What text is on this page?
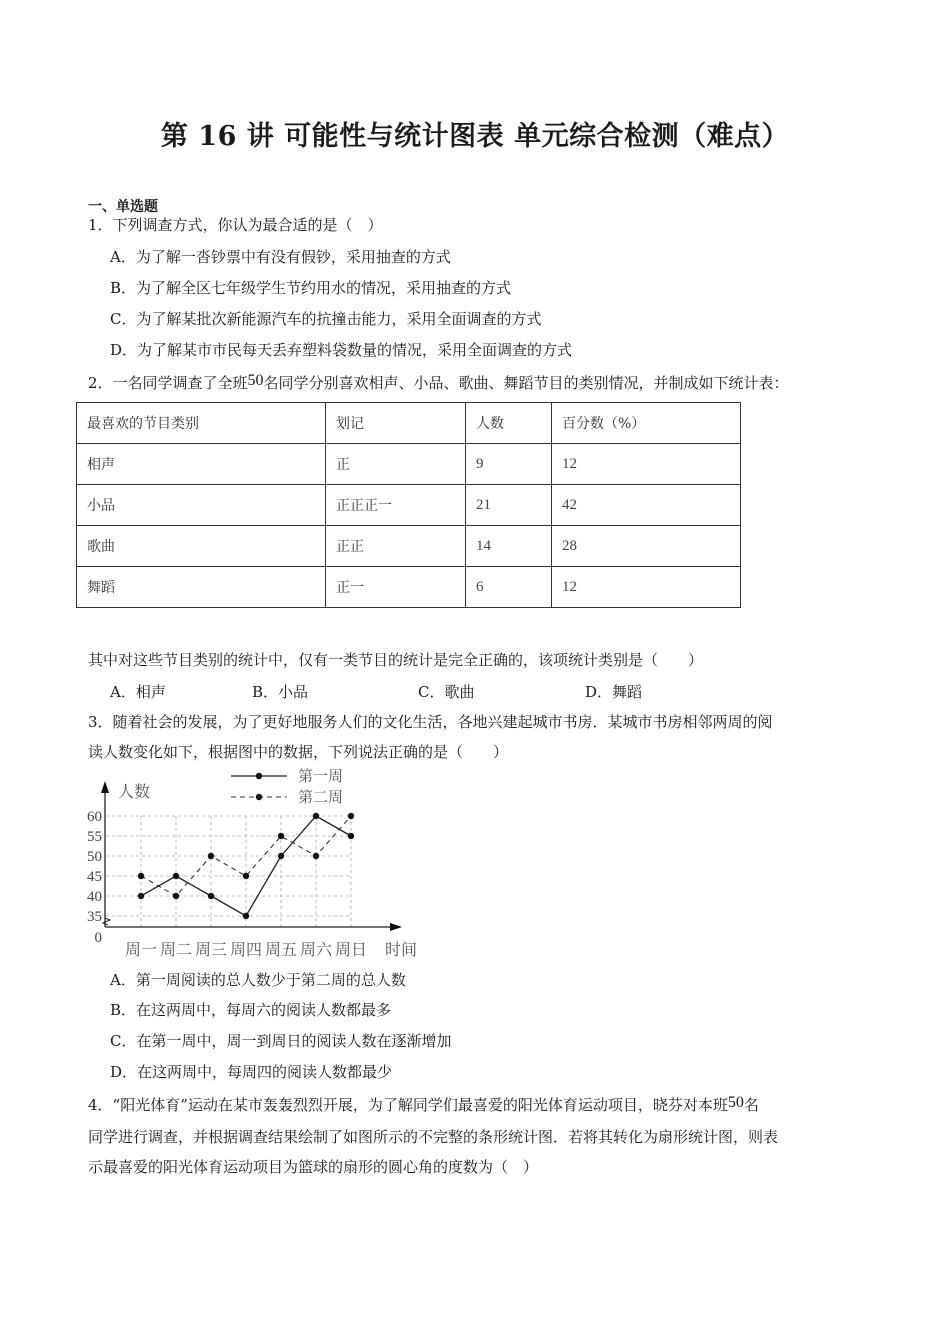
第 16 讲 可能性与统计图表 单元综合检测（难点）
一、单选题
1．下列调查方式，你认为最合适的是（　）
A．为了解一沓钞票中有没有假钞，采用抽查的方式
B．为了解全区七年级学生节约用水的情况，采用抽查的方式
C．为了解某批次新能源汽车的抗撞击能力，采用全面调查的方式
D．为了解某市市民每天丢弃塑料袋数量的情况，采用全面调查的方式
2．一名同学调查了全班50名同学分别喜欢相声、小品、歌曲、舞蹈节目的类别情况，并制成如下统计表：
最喜欢的节目类别	划记	人数	百分数（%）
相声	正	9	12
小品	正正正一	21	42
歌曲	正正	14	28
舞蹈	正一	6	12
其中对这些节目类别的统计中，仅有一类节目的统计是完全正确的，该项统计类别是（　　）
A．相声	B．小品	C．歌曲	D．舞蹈
3．随着社会的发展，为了更好地服务人们的文化生活，各地兴建起城市书房．某城市书房相邻两周的阅
读人数变化如下，根据图中的数据，下列说法正确的是（　　）
第一周
第二周
人数
时间
60
55
50
45
40
35
0
周一 周二 周三 周四 周五 周六 周日
A．第一周阅读的总人数少于第二周的总人数
B．在这两周中，每周六的阅读人数都最多
C．在第一周中，周一到周日的阅读人数在逐渐增加
D．在这两周中，每周四的阅读人数都最少
4．“阳光体育”运动在某市轰轰烈烈开展，为了解同学们最喜爱的阳光体育运动项目，晓芬对本班50名
同学进行调查，并根据调查结果绘制了如图所示的不完整的条形统计图．若将其转化为扇形统计图，则表
示最喜爱的阳光体育运动项目为篮球的扇形的圆心角的度数为（　）
